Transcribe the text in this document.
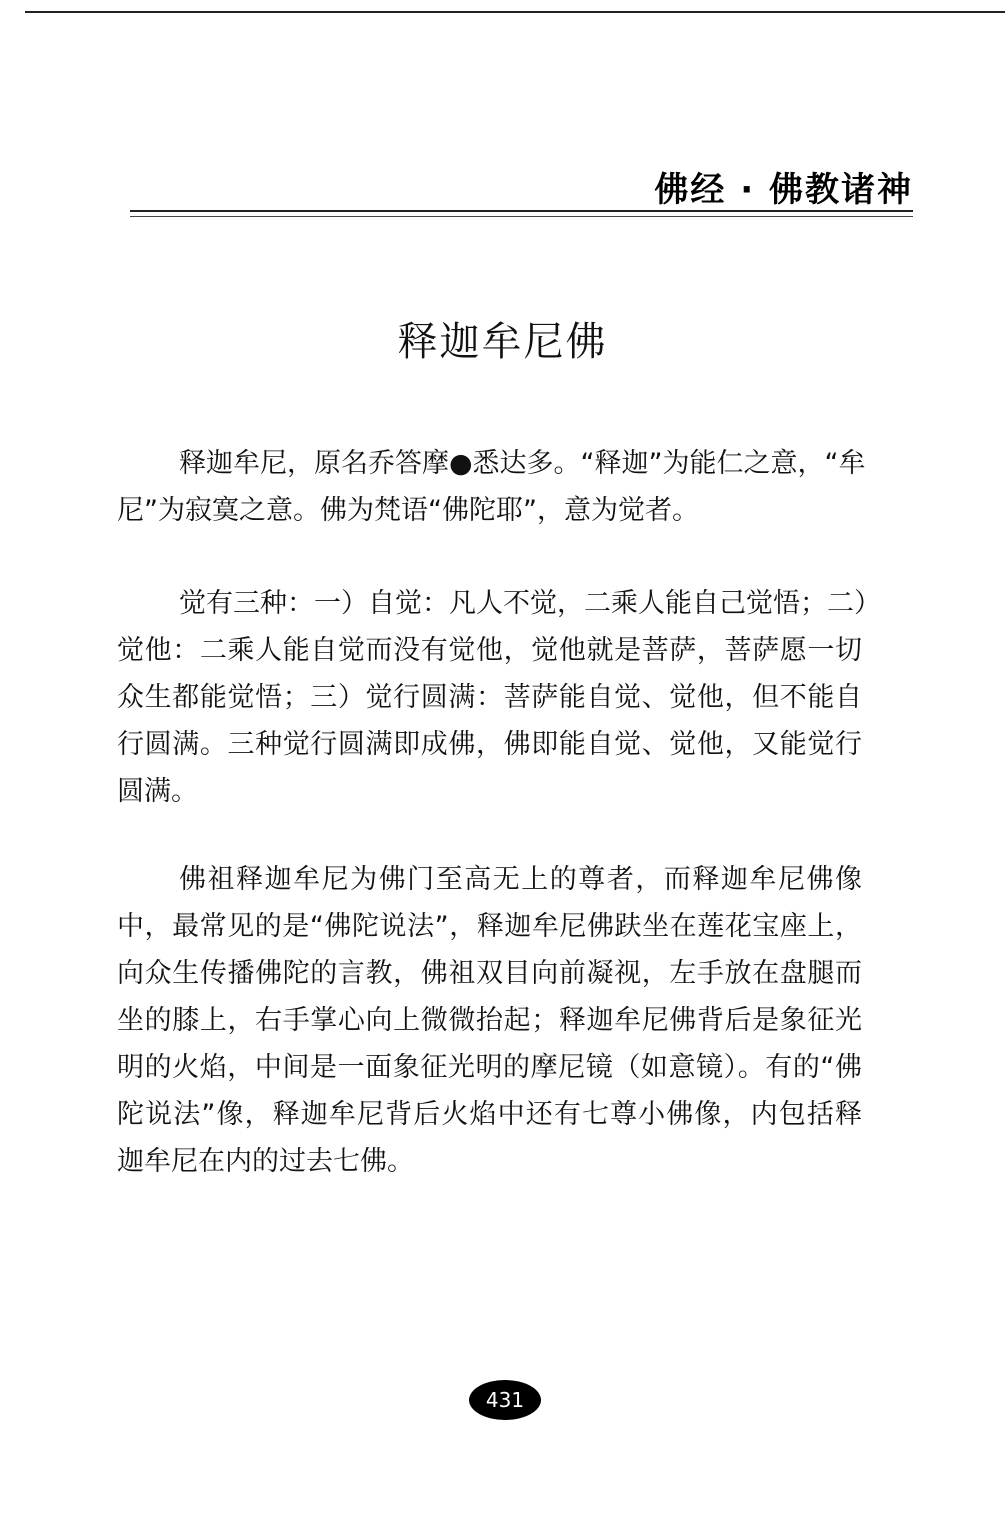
佛经 · 佛教诸神
释迦牟尼佛
释迦牟尼，原名乔答摩●悉达多。“释迦”为能仁之意，“牟
尼”为寂寞之意。佛为梵语“佛陀耶”，意为觉者。
觉有三种：一）自觉：凡人不觉，二乘人能自己觉悟；二）
觉他：二乘人能自觉而没有觉他，觉他就是菩萨，菩萨愿一切
众生都能觉悟；三）觉行圆满：菩萨能自觉、觉他，但不能自
行圆满。三种觉行圆满即成佛，佛即能自觉、觉他，又能觉行
圆满。
佛祖释迦牟尼为佛门至高无上的尊者，而释迦牟尼佛像
中，最常见的是“佛陀说法”，释迦牟尼佛趺坐在莲花宝座上，
向众生传播佛陀的言教，佛祖双目向前凝视，左手放在盘腿而
坐的膝上，右手掌心向上微微抬起；释迦牟尼佛背后是象征光
明的火焰，中间是一面象征光明的摩尼镜（如意镜）。有的“佛
陀说法”像，释迦牟尼背后火焰中还有七尊小佛像，内包括释
迦牟尼在内的过去七佛。
431
